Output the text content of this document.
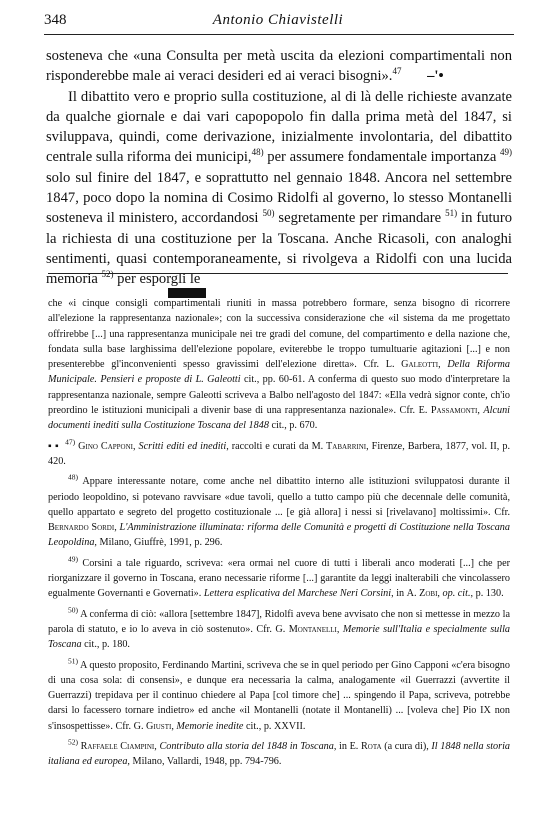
348	Antonio Chiavistelli

sosteneva che «una Consulta per metà uscita da elezioni compartimentali non risponderebbe male ai veraci desideri ed ai veraci bisogni».$^{47}$ –'•

Il dibattito vero e proprio sulla costituzione, al di là delle richieste avanzate da qualche giornale e dai vari capopopolo fin dalla prima metà del 1847, si sviluppava, quindi, come derivazione, inizialmente involontaria, del dibattito centrale sulla riforma dei municipi,$^{48)}$ per assumere fondamentale importanza $^{49)}$ solo sul finire del 1847, e soprattutto nel gennaio 1848. Ancora nel settembre 1847, poco dopo la nomina di Cosimo Ridolfi al governo, lo stesso Montanelli sosteneva il ministero, accordandosi $^{50)}$ segretamente per rimandare $^{51)}$ in futuro la richiesta di una costituzione per la Toscana. Anche Ricasoli, con analoghi sentimenti, quasi contemporaneamente, si rivolgeva a Ridolfi con una lucida memoria $^{52)}$ per esporgli le

che «i cinque consigli compartimentali riuniti in massa potrebbero formare, senza bisogno di ricorrere all'elezione la rappresentanza nazionale»; con la successiva considerazione che «il sistema da me progettato offrirebbe [...] una rappresentanza municipale nei tre gradi del comune, del compartimento e della nazione che, fondata sulla base larghissima dell'elezione popolare, eviterebbe le troppo tumultuarie agitazioni [...] e non presenterebbe gl'inconvenienti spesso gravissimi dell'elezione diretta». Cfr. L. Galeotti, Della Riforma Municipale. Pensieri e proposte di L. Galeotti cit., pp. 60-61. A conferma di questo suo modo d'interpretare la rappresentanza nazionale, sempre Galeotti scriveva a Balbo nell'agosto del 1847: «Ella vedrà signor conte, ch'io preordino le istituzioni municipali a divenir base di una rappresentanza nazionale». Cfr. E. Passamonti, Alcuni documenti inediti sulla Costituzione Toscana del 1848 cit., p. 670.

▪ ▪ $^{47)}$ Gino Capponi, Scritti editi ed inediti, raccolti e curati da M. Tabarrini, Firenze, Barbera, 1877, vol. II, p. 420.

$^{48)}$ Appare interessante notare, come anche nel dibattito interno alle istituzioni sviluppatosi durante il periodo leopoldino, si potevano ravvisare «due tavoli, quello a tutto campo più che decennale delle comunità, quello appartato e segreto del progetto costituzionale ... [e già allora] i nessi si [rivelavano] moltissimi». Cfr. Bernardo Sordi, L'Amministrazione illuminata: riforma delle Comunità e progetti di Costituzione nella Toscana Leopoldina, Milano, Giuffrè, 1991, p. 296.

$^{49)}$ Corsini a tale riguardo, scriveva: «era ormai nel cuore di tutti i liberali anco moderati [...] che per riorganizzare il governo in Toscana, erano necessarie riforme [...] garantite da leggi inalterabili che vincolassero egualmente Governanti e Governati». Lettera esplicativa del Marchese Neri Corsini, in A. Zobi, op. cit., p. 130.

$^{50)}$ A conferma di ciò: «allora [settembre 1847], Ridolfi aveva bene avvisato che non si mettesse in mezzo la parola di statuto, e io lo aveva in ciò sostenuto». Cfr. G. Montanelli, Memorie sull'Italia e specialmente sulla Toscana cit., p. 180.

$^{51)}$ A questo proposito, Ferdinando Martini, scriveva che se in quel periodo per Gino Capponi «c'era bisogno di una cosa sola: di consensi», e dunque era necessaria la calma, analogamente «il Guerrazzi (avvertite il Guerrazzi) trepidava per il continuo chiedere al Papa [col timore che] ... spingendo il Papa, scriveva, potrebbe darsi lo facessero tornare indietro» ed anche «il Montanelli (notate il Montanelli) ... [voleva che] Pio IX non s'insospettisse». Cfr. G. Giusti, Memorie inedite cit., p. XXVII.

$^{52)}$ Raffaele Ciampini, Contributo alla storia del 1848 in Toscana, in E. Rota (a cura di), Il 1848 nella storia italiana ed europea, Milano, Vallardi, 1948, pp. 794-796.
